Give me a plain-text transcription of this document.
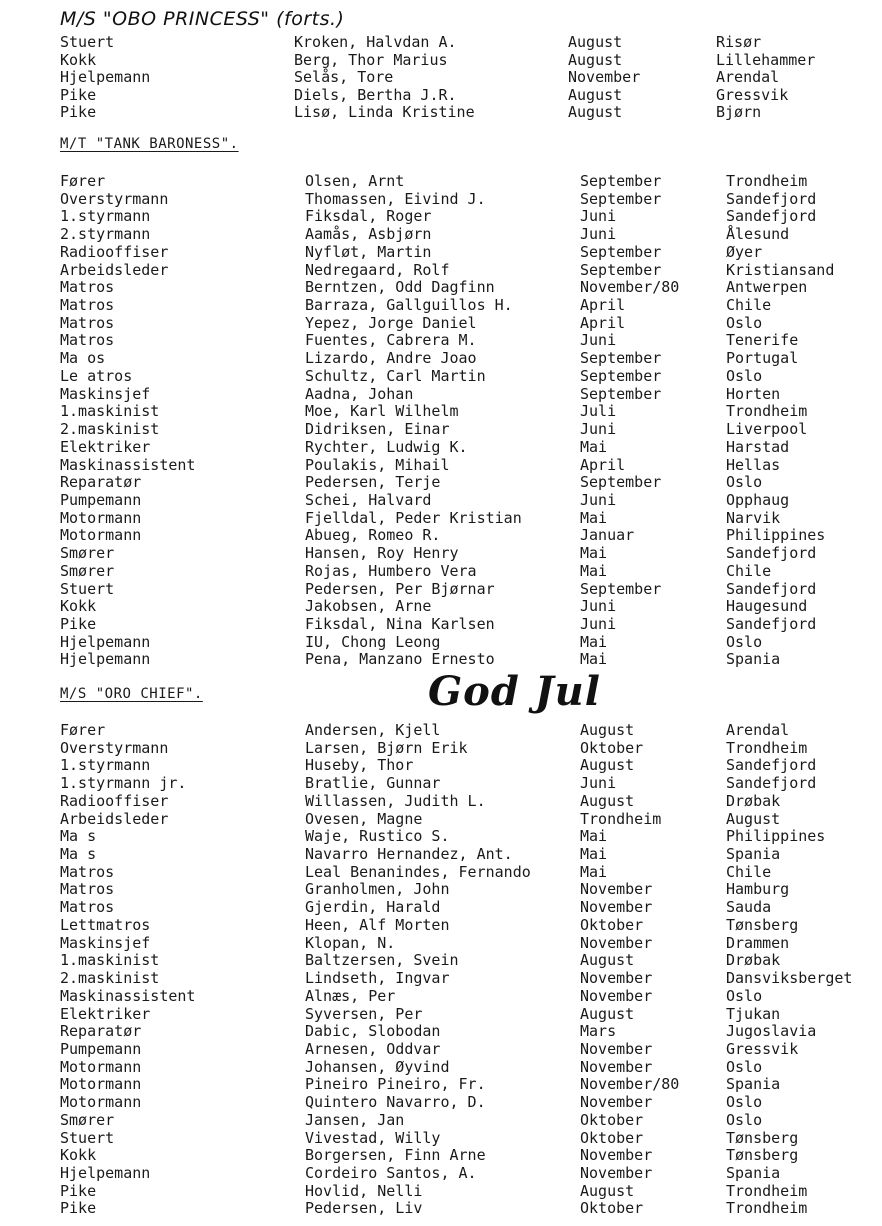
M/S "OBO PRINCESS" (forts.)
Stuert	Kroken, Halvdan A.	August	Risør
Kokk	Berg, Thor Marius	August	Lillehammer
Hjelpemann	Selås, Tore	November	Arendal
Pike	Diels, Bertha J.R.	August	Gressvik
Pike	Lisø, Linda Kristine	August	Bjørn
M/T "TANK BARONESS".
Fører	Olsen, Arnt	September	Trondheim
Overstyrmann	Thomassen, Eivind J.	September	Sandefjord
1.styrmann	Fiksdal, Roger	Juni	Sandefjord
2.styrmann	Aamås, Asbjørn	Juni	Ålesund
Radiooffiser	Nyfløt, Martin	September	Øyer
Arbeidsleder	Nedregaard, Rolf	September	Kristiansand
Matros	Berntzen, Odd Dagfinn	November/80	Antwerpen
Matros	Barraza, Gallguillos H.	April	Chile
Matros	Yepez, Jorge Daniel	April	Oslo
Matros	Fuentes, Cabrera M.	Juni	Tenerife
Ma os	Lizardo, Andre Joao	September	Portugal
Le atros	Schultz, Carl Martin	September	Oslo
Maskinsjef	Aadna, Johan	September	Horten
1.maskinist	Moe, Karl Wilhelm	Juli	Trondheim
2.maskinist	Didriksen, Einar	Juni	Liverpool
Elektriker	Rychter, Ludwig K.	Mai	Harstad
Maskinassistent	Poulakis, Mihail	April	Hellas
Reparatør	Pedersen, Terje	September	Oslo
Pumpemann	Schei, Halvard	Juni	Opphaug
Motormann	Fjelldal, Peder Kristian	Mai	Narvik
Motormann	Abueg, Romeo R.	Januar	Philippines
Smører	Hansen, Roy Henry	Mai	Sandefjord
Smører	Rojas, Humbero Vera	Mai	Chile
Stuert	Pedersen, Per Bjørnar	September	Sandefjord
Kokk	Jakobsen, Arne	Juni	Haugesund
Pike	Fiksdal, Nina Karlsen	Juni	Sandefjord
Hjelpemann	IU, Chong Leong	Mai	Oslo
Hjelpemann	Pena, Manzano Ernesto	Mai	Spania
M/S "ORO CHIEF".
Fører	Andersen, Kjell	August	Arendal
Overstyrmann	Larsen, Bjørn Erik	Oktober	Trondheim
1.styrmann	Huseby, Thor	August	Sandefjord
1.styrmann jr.	Bratlie, Gunnar	Juni	Sandefjord
Radiooffiser	Willassen, Judith L.	August	Drøbak
Arbeidsleder	Ovesen, Magne	Trondheim	August
Ma s	Waje, Rustico S.	Mai	Philippines
Ma s	Navarro Hernandez, Ant.	Mai	Spania
Matros	Leal Benanindes, Fernando	Mai	Chile
Matros	Granholmen, John	November	Hamburg
Matros	Gjerdin, Harald	November	Sauda
Lettmatros	Heen, Alf Morten	Oktober	Tønsberg
Maskinsjef	Klopan, N.	November	Drammen
1.maskinist	Baltzersen, Svein	August	Drøbak
2.maskinist	Lindseth, Ingvar	November	Dansviksberget
Maskinassistent	Alnæs, Per	November	Oslo
Elektriker	Syversen, Per	August	Tjukan
Reparatør	Dabic, Slobodan	Mars	Jugoslavia
Pumpemann	Arnesen, Oddvar	November	Gressvik
Motormann	Johansen, Øyvind	November	Oslo
Motormann	Pineiro Pineiro, Fr.	November/80	Spania
Motormann	Quintero Navarro, D.	November	Oslo
Smører	Jansen, Jan	Oktober	Oslo
Stuert	Vivestad, Willy	Oktober	Tønsberg
Kokk	Borgersen, Finn Arne	November	Tønsberg
Hjelpemann	Cordeiro Santos, A.	November	Spania
Pike	Hovlid, Nelli	August	Trondheim
Pike	Pedersen, Liv	Oktober	Trondheim
God Jul
